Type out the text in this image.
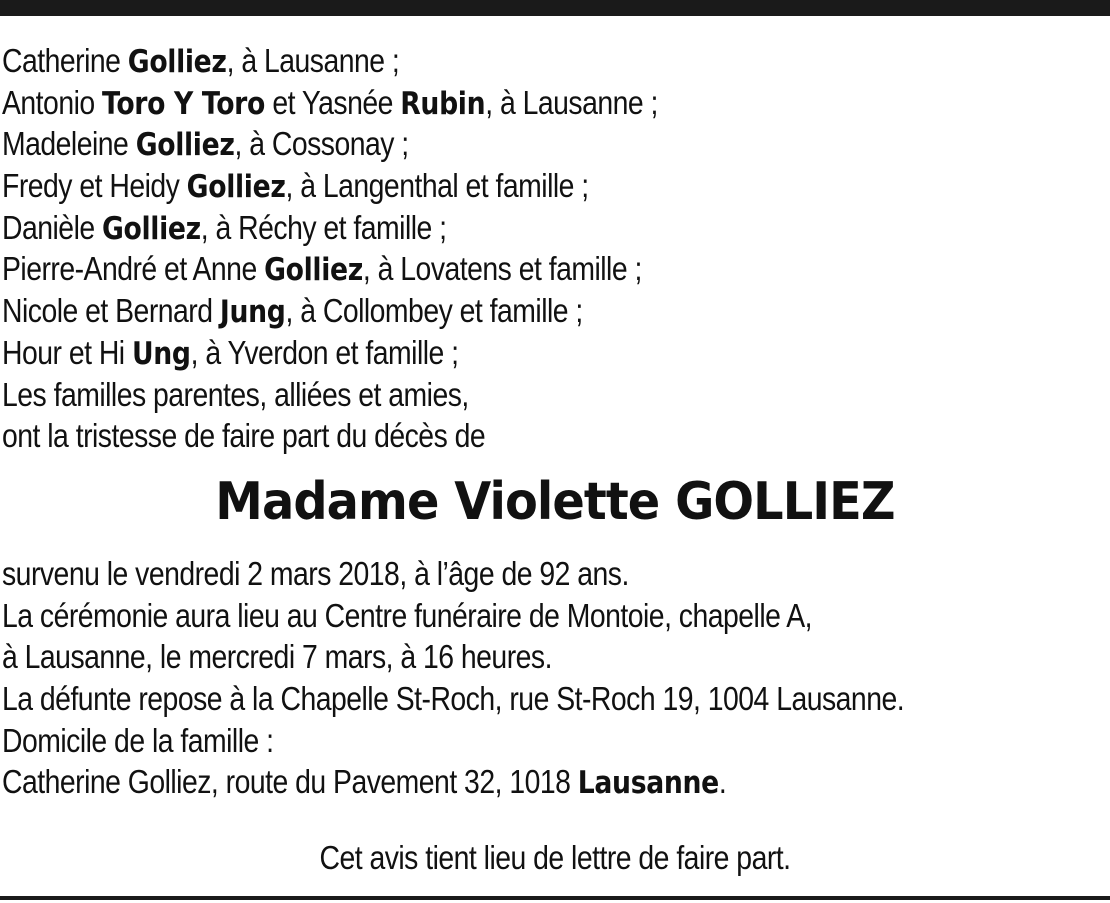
Catherine Golliez, à Lausanne ;
Antonio Toro Y Toro et Yasnée Rubin, à Lausanne ;
Madeleine Golliez, à Cossonay ;
Fredy et Heidy Golliez, à Langenthal et famille ;
Danièle Golliez, à Réchy et famille ;
Pierre-André et Anne Golliez, à Lovatens et famille ;
Nicole et Bernard Jung, à Collombey et famille ;
Hour et Hi Ung, à Yverdon et famille ;
Les familles parentes, alliées et amies,
ont la tristesse de faire part du décès de
Madame Violette GOLLIEZ
survenu le vendredi 2 mars 2018, à l’âge de 92 ans.
La cérémonie aura lieu au Centre funéraire de Montoie, chapelle A,
à Lausanne, le mercredi 7 mars, à 16 heures.
La défunte repose à la Chapelle St-Roch, rue St-Roch 19, 1004 Lausanne.
Domicile de la famille :
Catherine Golliez, route du Pavement 32, 1018 Lausanne.
Cet avis tient lieu de lettre de faire part.
